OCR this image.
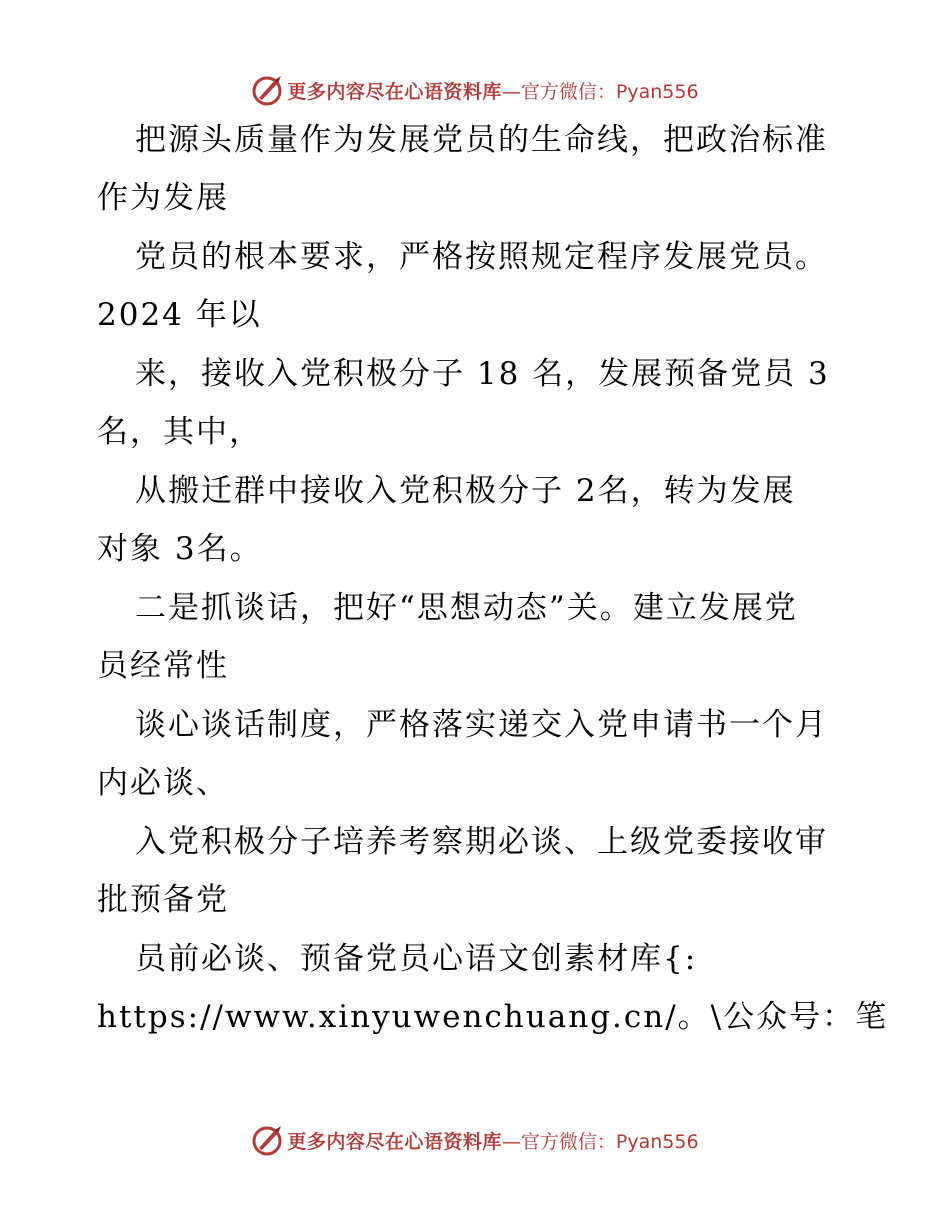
更多内容尽在心语资料库 —官方微信：Pyan556
把源头质量作为发展党员的生命线，把政治标准
作为发展
党员的根本要求，严格按照规定程序发展党员。
2024 年以
来，接收入党积极分子 18 名，发展预备党员 3
名，其中，
从搬迁群中接收入党积极分子 2名，转为发展
对象 3名。
二是抓谈话，把好“思想动态”关。建立发展党
员经常性
谈心谈话制度，严格落实递交入党申请书一个月
内必谈、
入党积极分子培养考察期必谈、上级党委接收审
批预备党
员前必谈、预备党员心语文创素材库{:
https://www.xinyuwenchuang.cn/。\公众号：笔
更多内容尽在心语资料库 —官方微信：Pyan556
